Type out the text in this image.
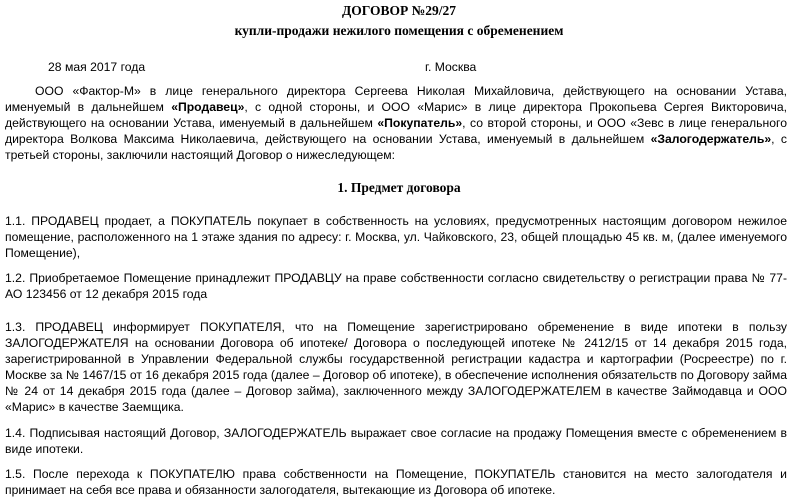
ДОГОВОР №29/27
купли-продажи нежилого помещения с обременением
28 мая 2017 года	г. Москва

ООО «Фактор-М» в лице генерального директора Сергеева Николая Михайловича, действующего на основании Устава, именуемый в дальнейшем «Продавец», с одной стороны, и ООО «Марис» в лице директора Прокопьева Сергея Викторовича, действующего на основании Устава, именуемый в дальнейшем «Покупатель», со второй стороны, и ООО «Зевс в лице генерального директора Волкова Максима Николаевича, действующего на основании Устава, именуемый в дальнейшем «Залогодержатель», с третьей стороны, заключили настоящий Договор о нижеследующем:

1. Предмет договора

1.1. ПРОДАВЕЦ продает, а ПОКУПАТЕЛЬ покупает в собственность на условиях, предусмотренных настоящим договором нежилое помещение, расположенного на 1 этаже здания по адресу: г. Москва, ул. Чайковского, 23, общей площадью 45 кв. м, (далее именуемого Помещение),

1.2. Приобретаемое Помещение принадлежит ПРОДАВЦУ на праве собственности согласно свидетельству о регистрации права № 77-АО 123456 от 12 декабря 2015 года

1.3. ПРОДАВЕЦ информирует ПОКУПАТЕЛЯ, что на Помещение зарегистрировано обременение в виде ипотеки в пользу ЗАЛОГОДЕРЖАТЕЛЯ на основании Договора об ипотеке/ Договора о последующей ипотеке № 2412/15 от 14 декабря 2015 года, зарегистрированной в Управлении Федеральной службы государственной регистрации кадастра и картографии (Росреестре) по г. Москве за № 1467/15 от 16 декабря 2015 года (далее – Договор об ипотеке), в обеспечение исполнения обязательств по Договору займа № 24 от 14 декабря 2015 года (далее – Договор займа), заключенного между ЗАЛОГОДЕРЖАТЕЛЕМ в качестве Займодавца и ООО «Марис» в качестве Заемщика.

1.4. Подписывая настоящий Договор, ЗАЛОГОДЕРЖАТЕЛЬ выражает свое согласие на продажу Помещения вместе с обременением в виде ипотеки.

1.5. После перехода к ПОКУПАТЕЛЮ права собственности на Помещение, ПОКУПАТЕЛЬ становится на место залогодателя и принимает на себя все права и обязанности залогодателя, вытекающие из Договора об ипотеке.
